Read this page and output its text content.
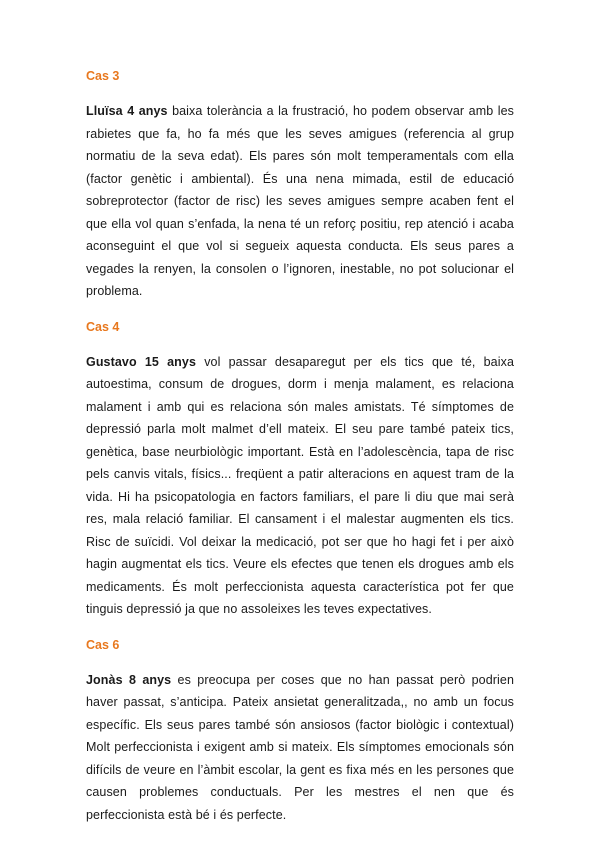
Cas 3

Lluïsa 4 anys baixa tolerància a la frustració, ho podem observar amb les rabietes que fa, ho fa més que les seves amigues (referencia al grup normatiu de la seva edat). Els pares són molt temperamentals com ella (factor genètic i ambiental). És una nena mimada, estil de educació sobreprotector (factor de risc) les seves amigues sempre acaben fent el que ella vol quan s’enfada, la nena té un reforç positiu, rep atenció i acaba aconseguint el que vol si segueix aquesta conducta. Els seus pares a vegades la renyen, la consolen o l’ignoren, inestable, no pot solucionar el problema.

Cas 4

Gustavo 15 anys vol passar desaparegut per els tics que té, baixa autoestima, consum de drogues, dorm i menja malament, es relaciona malament i amb qui es relaciona són males amistats. Té símptomes de depressió parla molt malmet d’ell mateix. El seu pare també pateix tics, genètica, base neurbiològic important. Està en l’adolescència, tapa de risc pels canvis vitals, físics... freqüent a patir alteracions en aquest tram de la vida. Hi ha psicopatologia en factors familiars, el pare li diu que mai serà res, mala relació familiar. El cansament i el malestar augmenten els tics. Risc de suïcidi. Vol deixar la medicació, pot ser que ho hagi fet i per això hagin augmentat els tics. Veure els efectes que tenen els drogues amb els medicaments. És molt perfeccionista aquesta característica pot fer que tinguis depressió ja que no assoleixes les teves expectatives.

Cas 6

Jonàs 8 anys es preocupa per coses que no han passat però podrien haver passat, s’anticipa. Pateix ansietat generalitzada,, no amb un focus específic. Els seus pares també són ansiosos (factor biològic i contextual) Molt perfeccionista i exigent amb si mateix. Els símptomes emocionals són difícils de veure en l’àmbit escolar, la gent es fixa més en les persones que causen problemes conductuals. Per les mestres el nen que és perfeccionista està bé i és perfecte.
